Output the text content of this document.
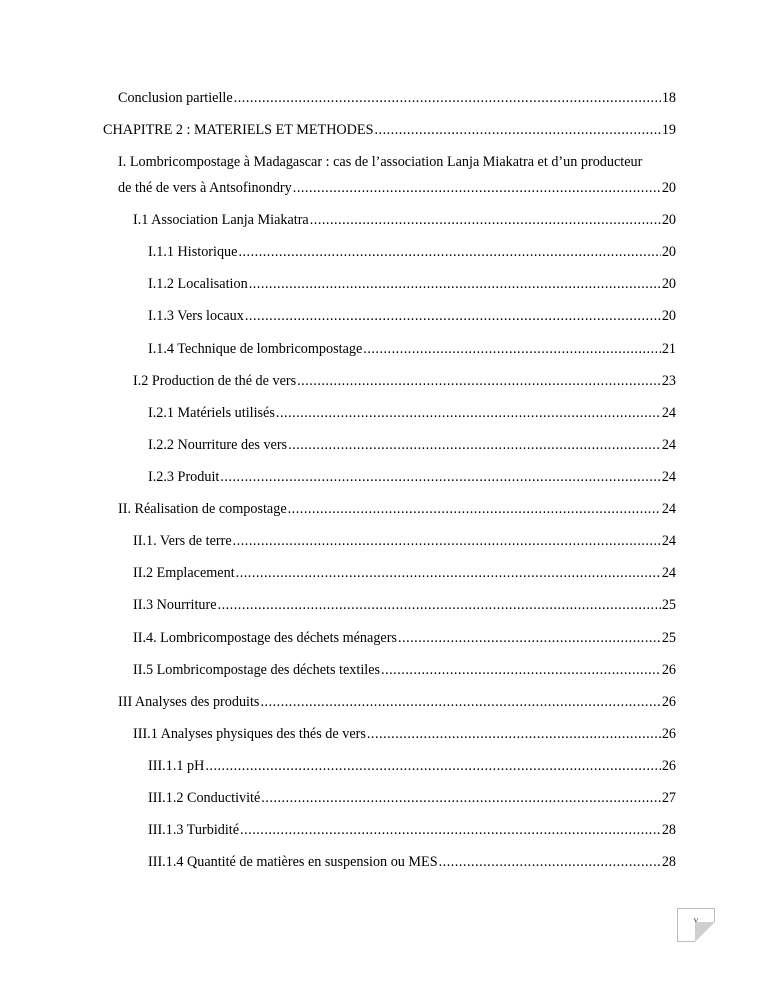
Conclusion partielle .....	18
CHAPITRE 2 : MATERIELS ET METHODES .....	19
I. Lombricompostage à Madagascar : cas de l’association Lanja Miakatra et d’un producteur
de thé de vers à Antsofinondry .....	20
I.1 Association Lanja Miakatra .....	20
I.1.1 Historique .....	20
I.1.2 Localisation .....	20
I.1.3 Vers locaux .....	20
I.1.4 Technique de lombricompostage .....	21
I.2 Production de thé de vers .....	23
I.2.1 Matériels utilisés .....	24
I.2.2 Nourriture des vers .....	24
I.2.3 Produit .....	24
II. Réalisation de compostage .....	24
II.1. Vers de terre .....	24
II.2 Emplacement .....	24
II.3 Nourriture .....	25
II.4. Lombricompostage des déchets ménagers .....	25
II.5 Lombricompostage des déchets textiles .....	26
III Analyses des produits .....	26
III.1 Analyses physiques des thés de vers .....	26
III.1.1 pH .....	26
III.1.2 Conductivité .....	27
III.1.3 Turbidité .....	28
III.1.4 Quantité de matières en suspension ou MES .....	28
v
